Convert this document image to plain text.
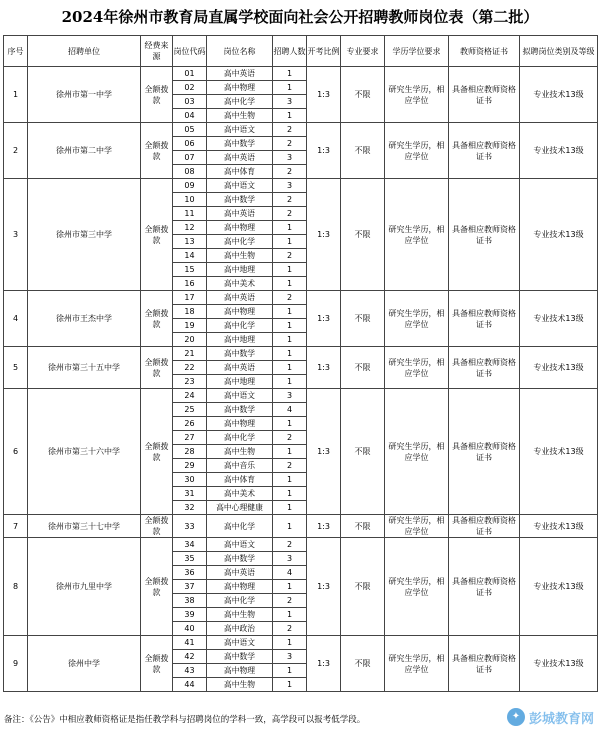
2024年徐州市教育局直属学校面向社会公开招聘教师岗位表（第二批）
序号	招聘单位	经费来源	岗位代码	岗位名称	招聘人数	开考比例	专业要求	学历学位要求	教师资格证书	拟聘岗位类别及等级
1	徐州市第一中学	全额拨款	01	高中英语	1	1:3	不限	研究生学历，相应学位	具备相应教师资格证书	专业技术13级
			02	高中物理	1					
			03	高中化学	3					
			04	高中生物	1					
2	徐州市第二中学	全额拨款	05	高中语文	2	1:3	不限	研究生学历，相应学位	具备相应教师资格证书	专业技术13级
			06	高中数学	2					
			07	高中英语	3					
			08	高中体育	2					
3	徐州市第三中学	全额拨款	09	高中语文	3	1:3	不限	研究生学历，相应学位	具备相应教师资格证书	专业技术13级
			10	高中数学	2					
			11	高中英语	2					
			12	高中物理	1					
			13	高中化学	1					
			14	高中生物	2					
			15	高中地理	1					
			16	高中美术	1					
4	徐州市王杰中学	全额拨款	17	高中英语	2	1:3	不限	研究生学历，相应学位	具备相应教师资格证书	专业技术13级
			18	高中物理	1					
			19	高中化学	1					
			20	高中地理	1					
5	徐州市第三十五中学	全额拨款	21	高中数学	1	1:3	不限	研究生学历，相应学位	具备相应教师资格证书	专业技术13级
			22	高中英语	1					
			23	高中地理	1					
6	徐州市第三十六中学	全额拨款	24	高中语文	3	1:3	不限	研究生学历，相应学位	具备相应教师资格证书	专业技术13级
			25	高中数学	4					
			26	高中物理	1					
			27	高中化学	2					
			28	高中生物	1					
			29	高中音乐	2					
			30	高中体育	1					
			31	高中美术	1					
			32	高中心理健康	1					
7	徐州市第三十七中学	全额拨款	33	高中化学	1	1:3	不限	研究生学历，相应学位	具备相应教师资格证书	专业技术13级
8	徐州市九里中学	全额拨款	34	高中语文	2	1:3	不限	研究生学历，相应学位	具备相应教师资格证书	专业技术13级
			35	高中数学	3					
			36	高中英语	4					
			37	高中物理	1					
			38	高中化学	2					
			39	高中生物	1					
			40	高中政治	2					
9	徐州中学	全额拨款	41	高中语文	1	1:3	不限	研究生学历，相应学位	具备相应教师资格证书	专业技术13级
			42	高中数学	3					
			43	高中物理	1					
			44	高中生物	1					
备注：《公告》中相应教师资格证是指任教学科与招聘岗位的学科一致，高学段可以报考低学段。	✦ 彭城教育网
